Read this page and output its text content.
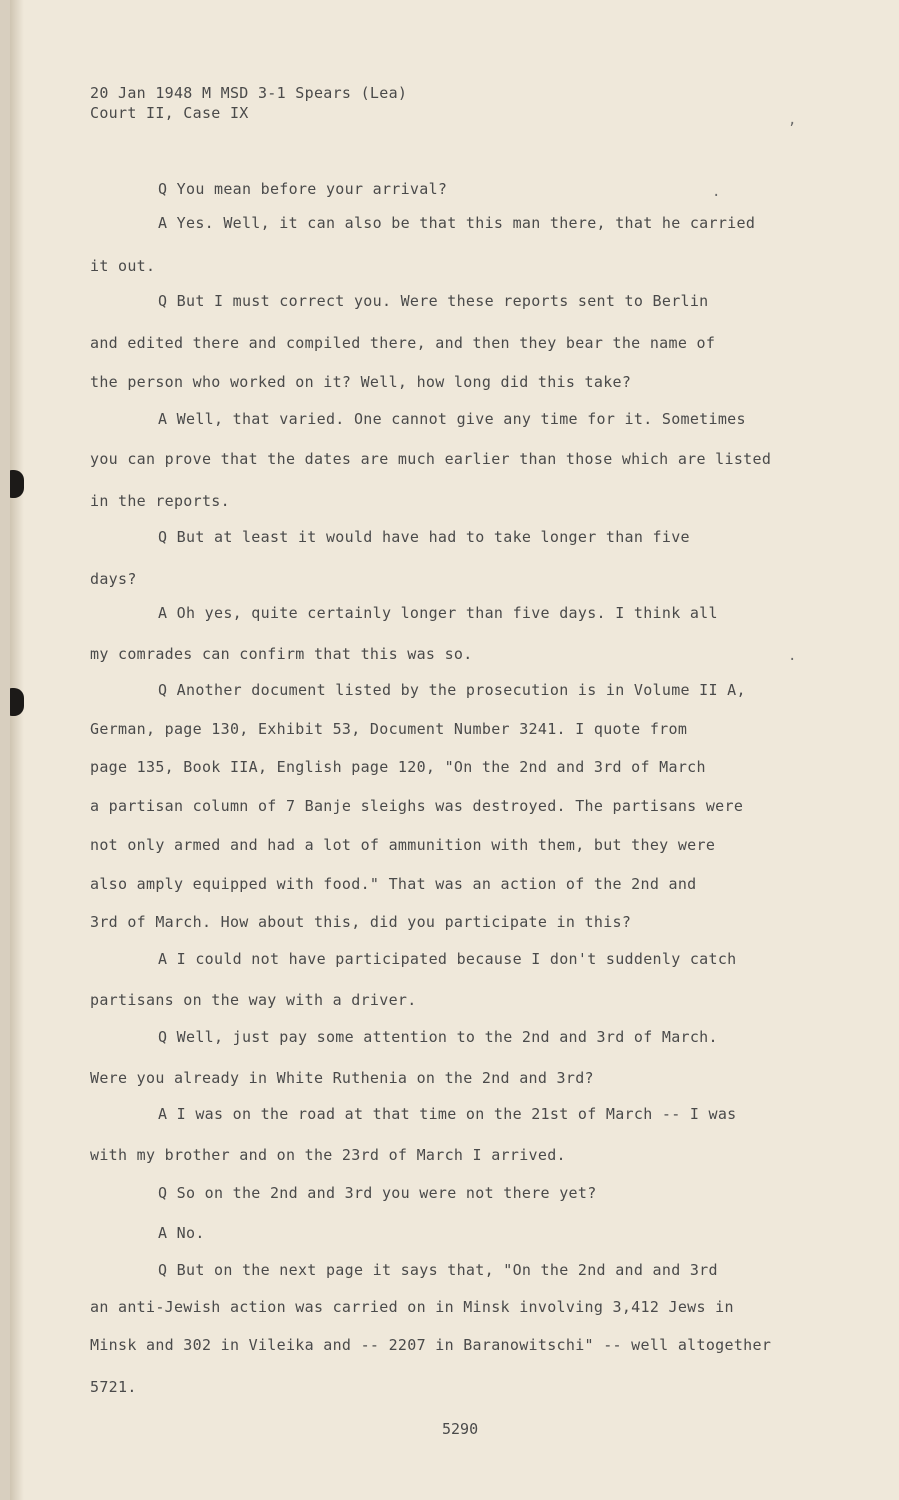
20 Jan 1948 M MSD 3-1 Spears (Lea)
Court II, Case IX
Q You mean before your arrival?
A Yes. Well, it can also be that this man there, that he carried
it out.
Q But I must correct you. Were these reports sent to Berlin
and edited there and compiled there, and then they bear the name of
the person who worked on it? Well, how long did this take?
A Well, that varied. One cannot give any time for it. Sometimes
you can prove that the dates are much earlier than those which are listed
in the reports.
Q But at least it would have had to take longer than five
days?
A Oh yes, quite certainly longer than five days. I think all
my comrades can confirm that this was so.
Q Another document listed by the prosecution is in Volume II A,
German, page 130, Exhibit 53, Document Number 3241. I quote from
page 135, Book IIA, English page 120, "On the 2nd and 3rd of March
a partisan column of 7 Banje sleighs was destroyed. The partisans were
not only armed and had a lot of ammunition with them, but they were
also amply equipped with food." That was an action of the 2nd and
3rd of March. How about this, did you participate in this?
A I could not have participated because I don't suddenly catch
partisans on the way with a driver.
Q Well, just pay some attention to the 2nd and 3rd of March.
Were you already in White Ruthenia on the 2nd and 3rd?
A I was on the road at that time on the 21st of March -- I was
with my brother and on the 23rd of March I arrived.
Q So on the 2nd and 3rd you were not there yet?
A No.
Q But on the next page it says that, "On the 2nd and and 3rd
an anti-Jewish action was carried on in Minsk involving 3,412 Jews in
Minsk and 302 in Vileika and -- 2207 in Baranowitschi" -- well altogether
5721.
,
.
.
5290
